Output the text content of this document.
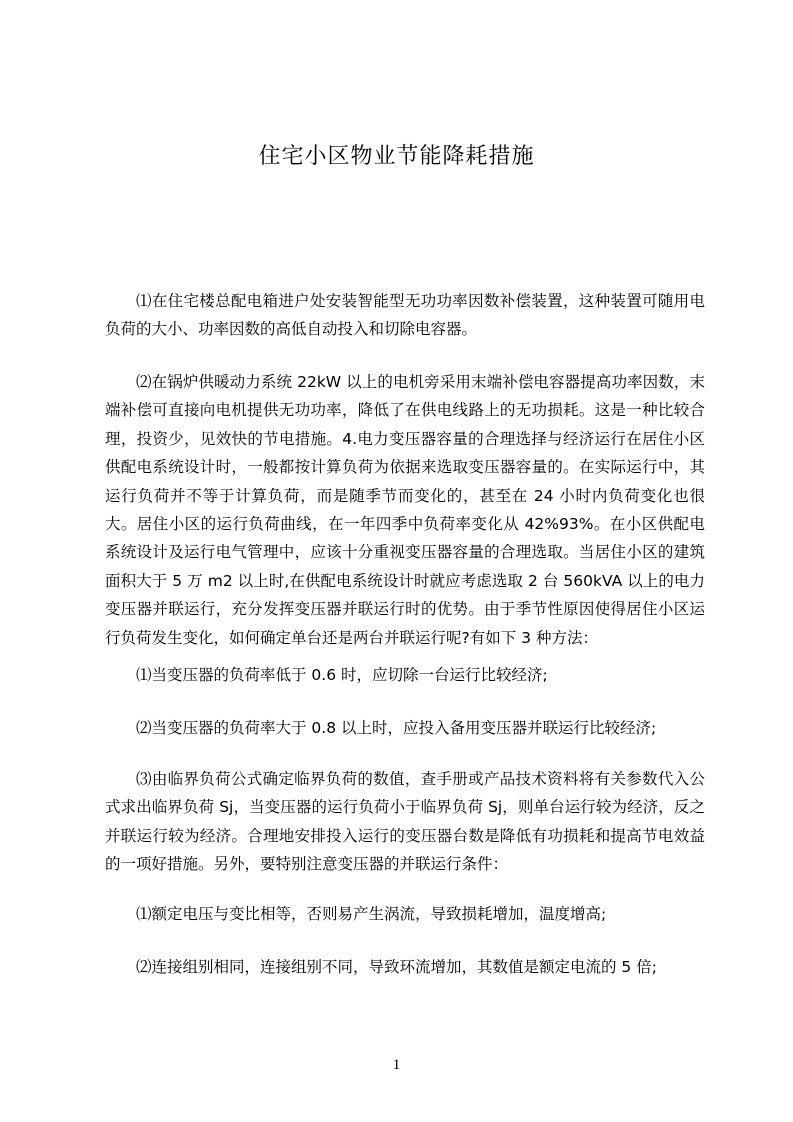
住宅小区物业节能降耗措施
⑴在住宅楼总配电箱进户处安装智能型无功功率因数补偿装置，这种装置可随用电负荷的大小、功率因数的高低自动投入和切除电容器。
⑵在锅炉供暖动力系统 22kW 以上的电机旁采用末端补偿电容器提高功率因数，末端补偿可直接向电机提供无功功率，降低了在供电线路上的无功损耗。这是一种比较合理，投资少，见效快的节电措施。4.电力变压器容量的合理选择与经济运行在居住小区供配电系统设计时，一般都按计算负荷为依据来选取变压器容量的。在实际运行中，其运行负荷并不等于计算负荷，而是随季节而变化的，甚至在 24 小时内负荷变化也很大。居住小区的运行负荷曲线，在一年四季中负荷率变化从 42%93%。在小区供配电系统设计及运行电气管理中，应该十分重视变压器容量的合理选取。当居住小区的建筑面积大于 5 万 m2 以上时,在供配电系统设计时就应考虑选取 2 台 560kVA 以上的电力变压器并联运行，充分发挥变压器并联运行时的优势。由于季节性原因使得居住小区运行负荷发生变化，如何确定单台还是两台并联运行呢?有如下 3 种方法：
⑴当变压器的负荷率低于 0.6 时，应切除一台运行比较经济;
⑵当变压器的负荷率大于 0.8 以上时，应投入备用变压器并联运行比较经济;
⑶由临界负荷公式确定临界负荷的数值，查手册或产品技术资料将有关参数代入公式求出临界负荷 Sj，当变压器的运行负荷小于临界负荷 Sj，则单台运行较为经济，反之并联运行较为经济。合理地安排投入运行的变压器台数是降低有功损耗和提高节电效益的一项好措施。另外，要特别注意变压器的并联运行条件：
⑴额定电压与变比相等，否则易产生涡流，导致损耗增加，温度增高;
⑵连接组别相同，连接组别不同，导致环流增加，其数值是额定电流的 5 倍;
1
